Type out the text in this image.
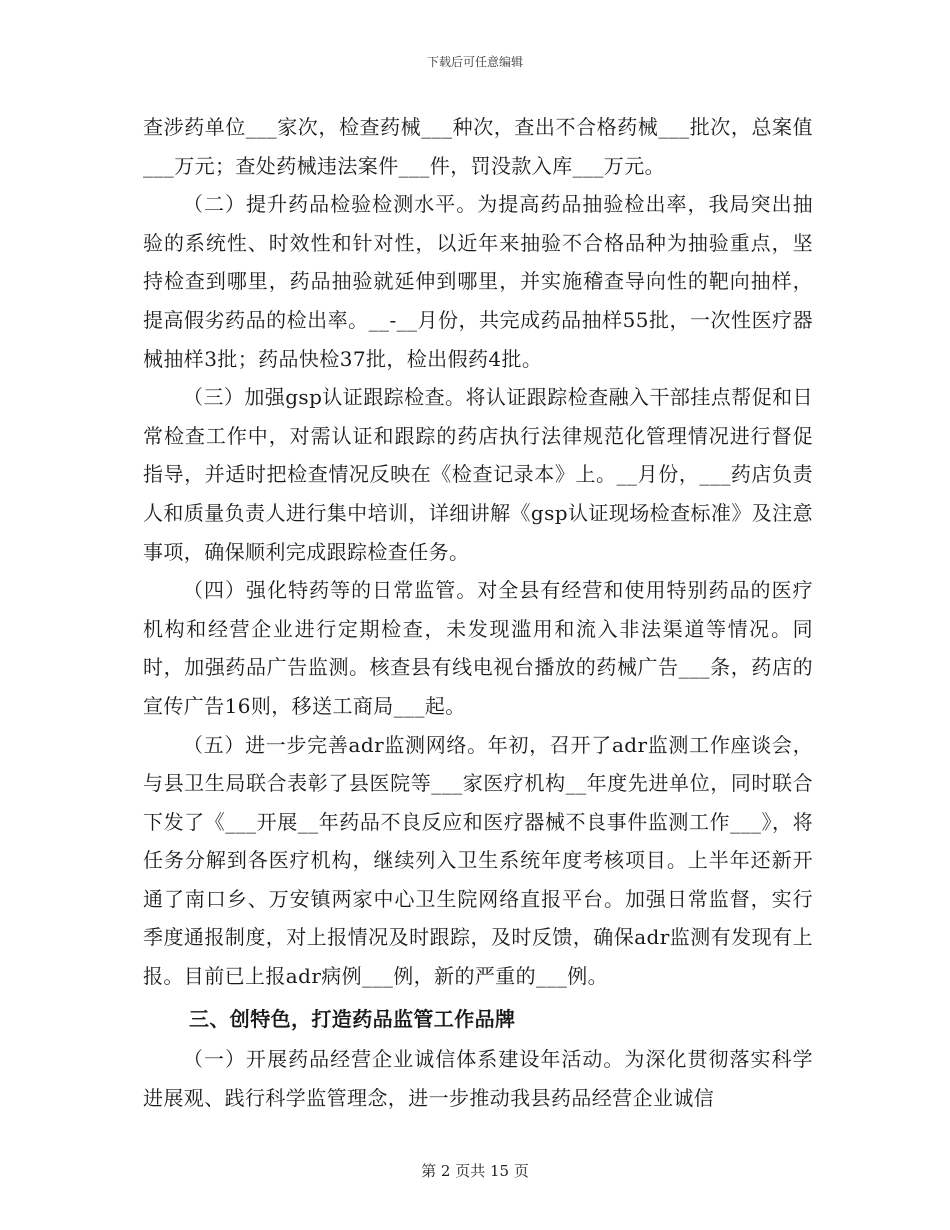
下载后可任意编辑

查涉药单位___家次，检查药械___种次，查出不合格药械___批次，总案值___万元；查处药械违法案件___件，罚没款入库___万元。

（二）提升药品检验检测水平。为提高药品抽验检出率，我局突出抽验的系统性、时效性和针对性，以近年来抽验不合格品种为抽验重点，坚持检查到哪里，药品抽验就延伸到哪里，并实施稽查导向性的靶向抽样，提高假劣药品的检出率。__-__月份，共完成药品抽样55批，一次性医疗器械抽样3批；药品快检37批，检出假药4批。

（三）加强gsp认证跟踪检查。将认证跟踪检查融入干部挂点帮促和日常检查工作中，对需认证和跟踪的药店执行法律规范化管理情况进行督促指导，并适时把检查情况反映在《检查记录本》上。__月份，___药店负责人和质量负责人进行集中培训，详细讲解《gsp认证现场检查标准》及注意事项，确保顺利完成跟踪检查任务。

（四）强化特药等的日常监管。对全县有经营和使用特别药品的医疗机构和经营企业进行定期检查，未发现滥用和流入非法渠道等情况。同时，加强药品广告监测。核查县有线电视台播放的药械广告___条，药店的宣传广告16则，移送工商局___起。

（五）进一步完善adr监测网络。年初，召开了adr监测工作座谈会，与县卫生局联合表彰了县医院等___家医疗机构__年度先进单位，同时联合下发了《___开展__年药品不良反应和医疗器械不良事件监测工作___》，将任务分解到各医疗机构，继续列入卫生系统年度考核项目。上半年还新开通了南口乡、万安镇两家中心卫生院网络直报平台。加强日常监督，实行季度通报制度，对上报情况及时跟踪，及时反馈，确保adr监测有发现有上报。目前已上报adr病例___例，新的严重的___例。

三、创特色，打造药品监管工作品牌

（一）开展药品经营企业诚信体系建设年活动。为深化贯彻落实科学进展观、践行科学监管理念，进一步推动我县药品经营企业诚信

第 2 页共 15 页
